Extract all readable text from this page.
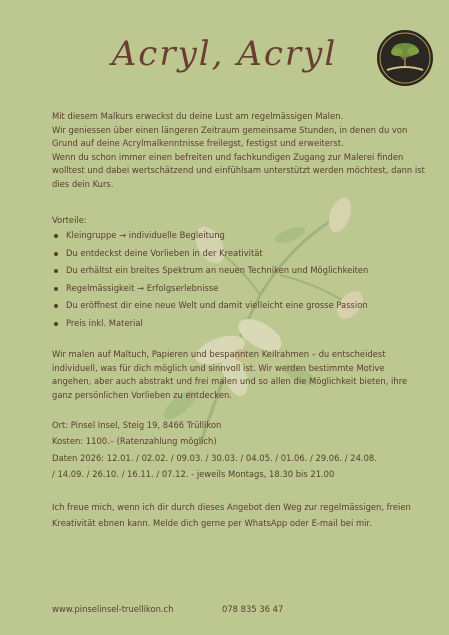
Acryl, Acryl
Mit diesem Malkurs erweckst du deine Lust am regelmässigen Malen.
Wir geniessen über einen längeren Zeitraum gemeinsame Stunden, in denen du von
Grund auf deine Acrylmalkenntnisse freilegst, festigst und erweiterst.
Wenn du schon immer einen befreiten und fachkundigen Zugang zur Malerei finden
wolltest und dabei wertschätzend und einfühlsam unterstützt werden möchtest, dann ist
dies dein Kurs.
Vorteile:
Kleingruppe → individuelle Begleitung
Du entdeckst deine Vorlieben in der Kreativität
Du erhältst ein breites Spektrum an neuen Techniken und Möglichkeiten
Regelmässigkeit → Erfolgserlebnisse
Du eröffnest dir eine neue Welt und damit vielleicht eine grosse Passion
Preis inkl. Material
Wir malen auf Maltuch, Papieren und bespannten Keilrahmen – du entscheidest
individuell, was für dich möglich und sinnvoll ist. Wir werden bestimmte Motive
angehen, aber auch abstrakt und frei malen und so allen die Möglichkeit bieten, ihre
ganz persönlichen Vorlieben zu entdecken.
Ort: Pinsel Insel, Steig 19, 8466 Trüllikon
Kosten: 1100.– (Ratenzahlung möglich)
Daten 2026: 12.01. / 02.02. / 09.03. / 30.03. / 04.05. / 01.06. / 29.06. / 24.08.
/ 14.09. / 26.10. / 16.11. / 07.12. - jeweils Montags, 18.30 bis 21.00
Ich freue mich, wenn ich dir durch dieses Angebot den Weg zur regelmässigen, freien
Kreativität ebnen kann. Melde dich gerne per WhatsApp oder E-mail bei mir.
www.pinselinsel-truellikon.ch	078 835 36 47
